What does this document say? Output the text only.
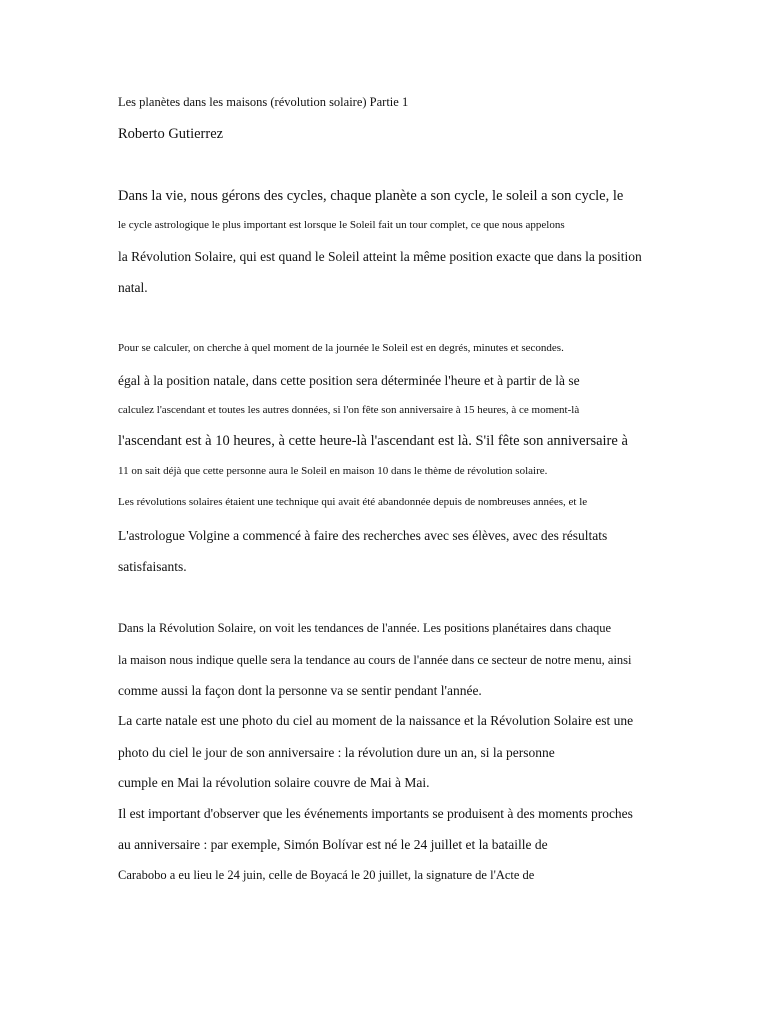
Les planètes dans les maisons (révolution solaire) Partie 1
Roberto Gutierrez
Dans la vie, nous gérons des cycles, chaque planète a son cycle, le soleil a son cycle, le
le cycle astrologique le plus important est lorsque le Soleil fait un tour complet, ce que nous appelons
la Révolution Solaire, qui est quand le Soleil atteint la même position exacte que dans la position
natal.
Pour se calculer, on cherche à quel moment de la journée le Soleil est en degrés, minutes et secondes.
égal à la position natale, dans cette position sera déterminée l'heure et à partir de là se
calculez l'ascendant et toutes les autres données, si l'on fête son anniversaire à 15 heures, à ce moment-là
l'ascendant est à 10 heures, à cette heure-là l'ascendant est là. S'il fête son anniversaire à
11 on sait déjà que cette personne aura le Soleil en maison 10 dans le thème de révolution solaire.
Les révolutions solaires étaient une technique qui avait été abandonnée depuis de nombreuses années, et le
L'astrologue Volgine a commencé à faire des recherches avec ses élèves, avec des résultats
satisfaisants.
Dans la Révolution Solaire, on voit les tendances de l'année. Les positions planétaires dans chaque
la maison nous indique quelle sera la tendance au cours de l'année dans ce secteur de notre menu, ainsi
comme aussi la façon dont la personne va se sentir pendant l'année.
La carte natale est une photo du ciel au moment de la naissance et la Révolution Solaire est une
photo du ciel le jour de son anniversaire : la révolution dure un an, si la personne
cumple en Mai la révolution solaire couvre de Mai à Mai.
Il est important d'observer que les événements importants se produisent à des moments proches
au anniversaire : par exemple, Simón Bolívar est né le 24 juillet et la bataille de
Carabobo a eu lieu le 24 juin, celle de Boyacá le 20 juillet, la signature de l'Acte de
